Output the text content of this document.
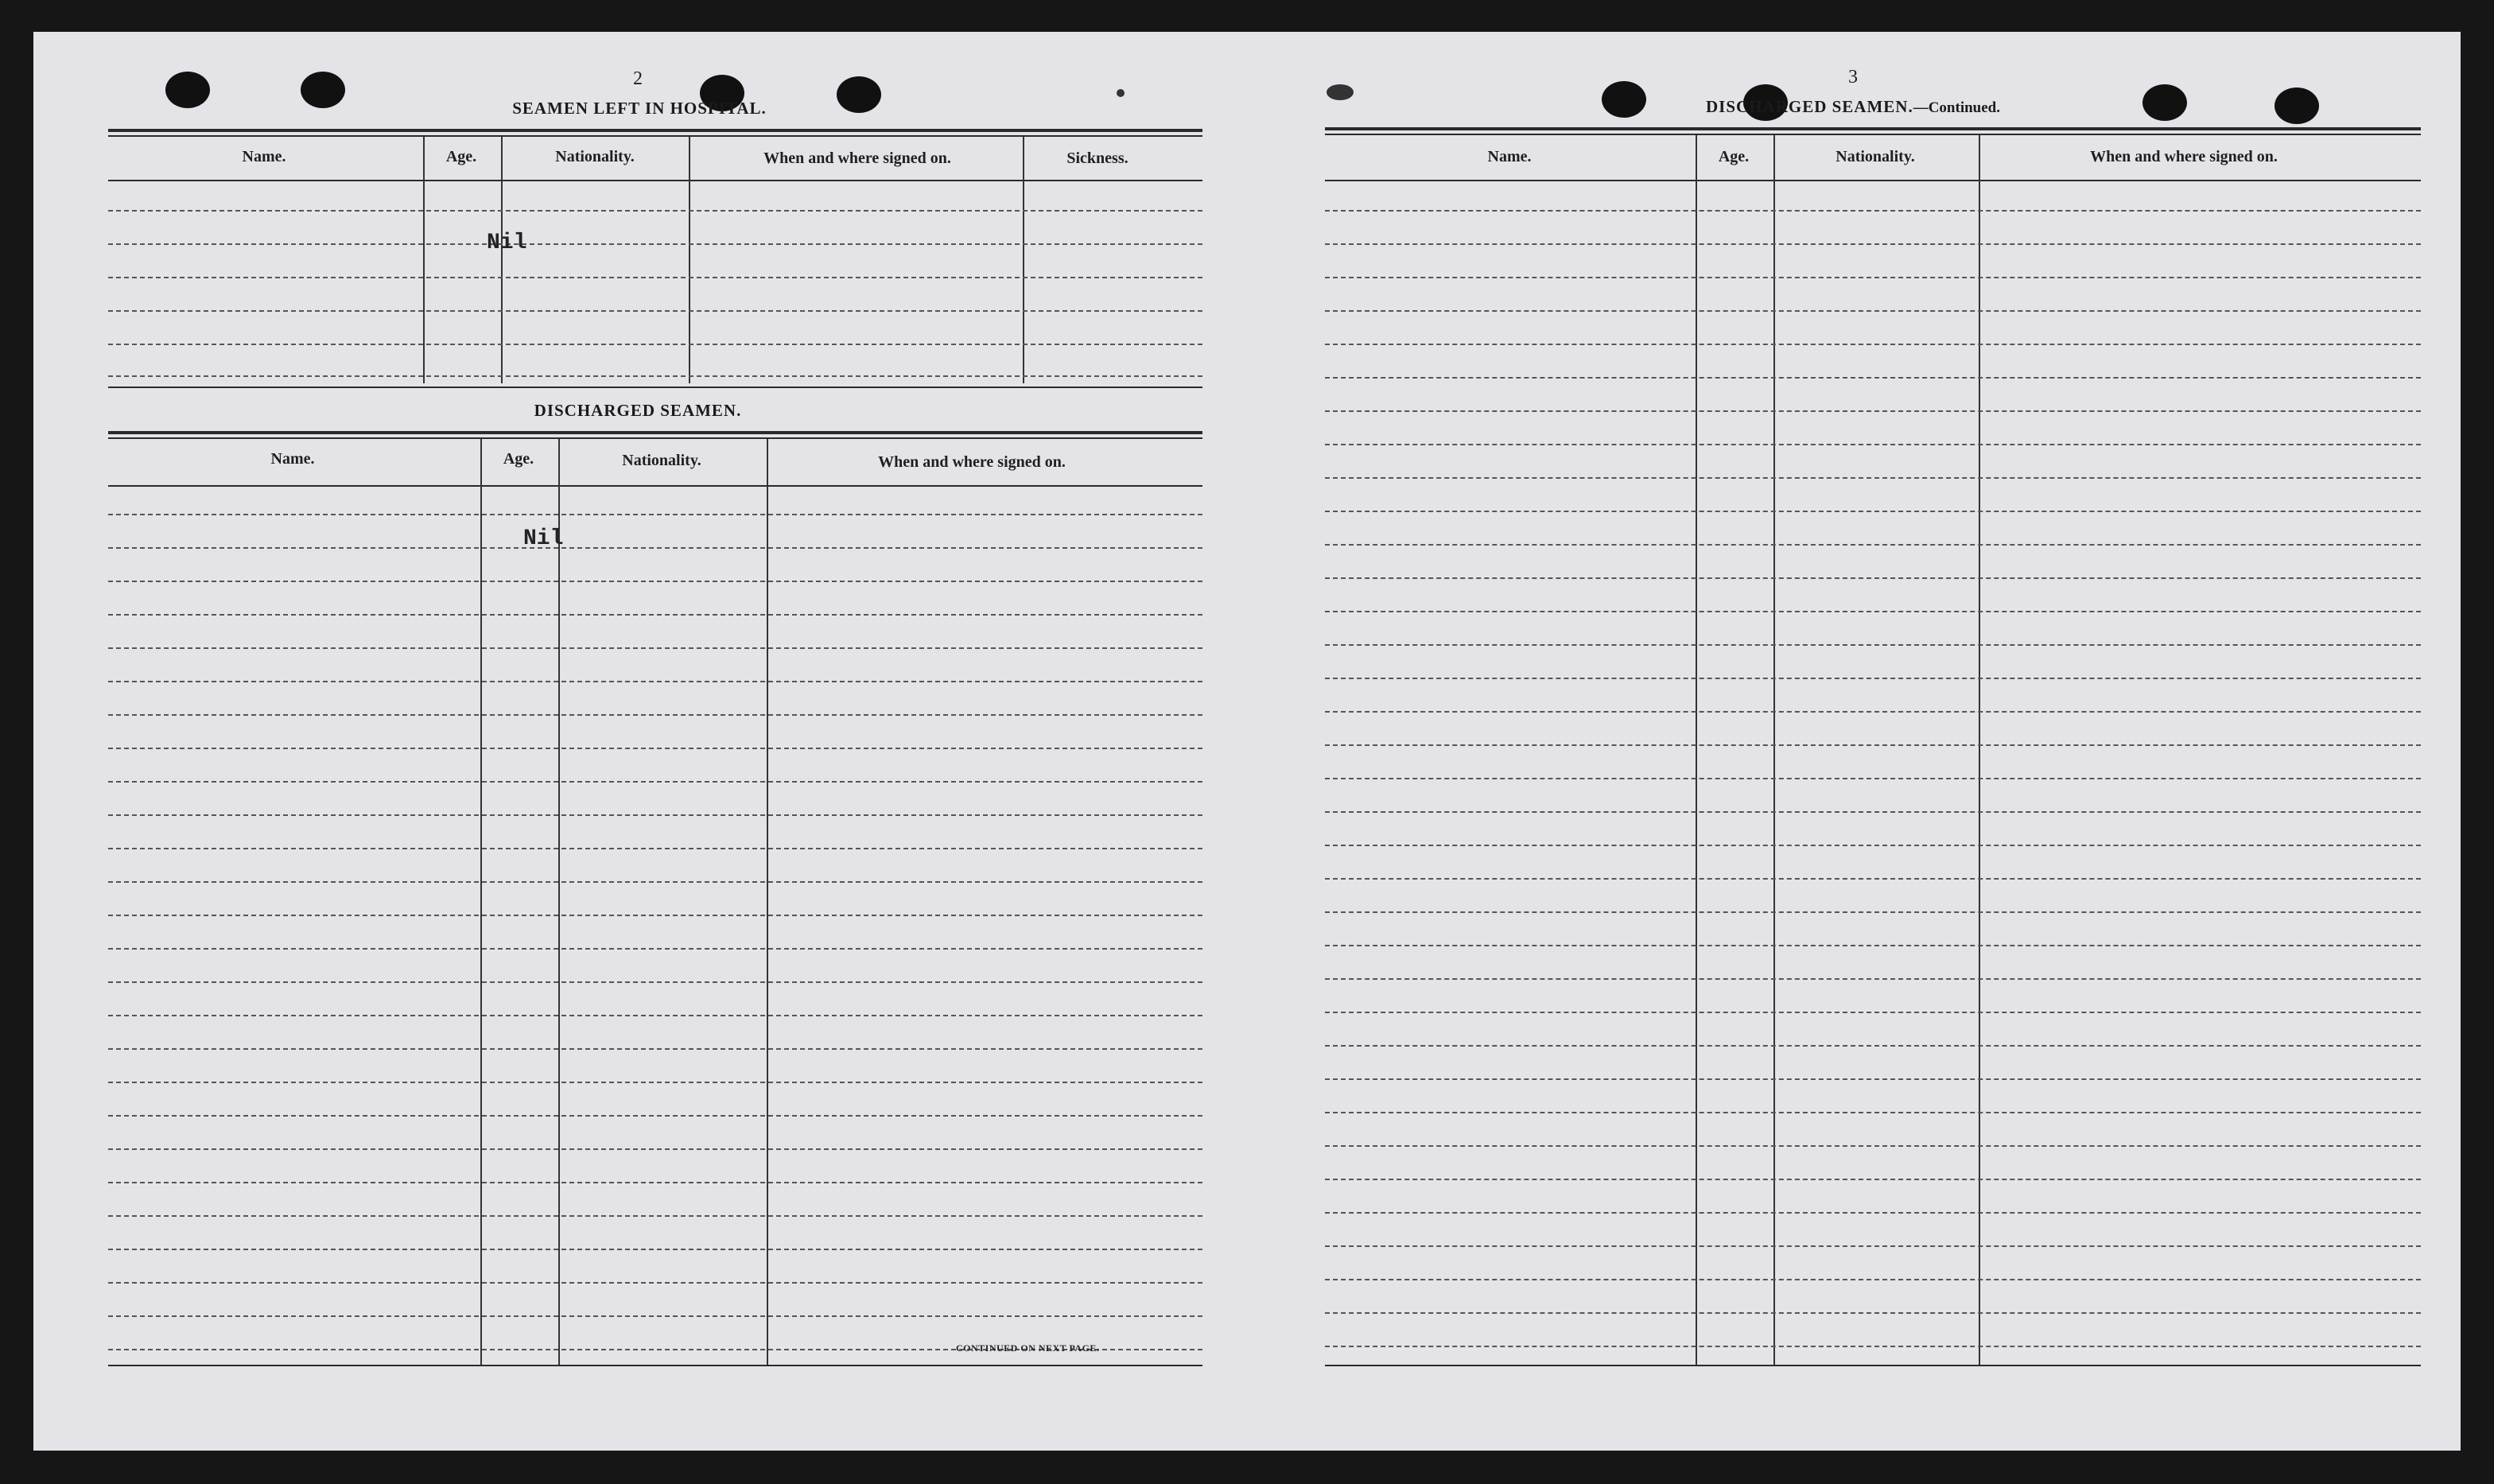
2
SEAMEN LEFT IN HOSPITAL.
Name.	Age.	Nationality.	When and where signed on.	Sickness.
Nil
DISCHARGED SEAMEN.
Name.	Age.	Nationality.	When and where signed on.
Nil
CONTINUED ON NEXT PAGE.
3
DISCHARGED SEAMEN.—Continued.
Name.	Age.	Nationality.	When and where signed on.
